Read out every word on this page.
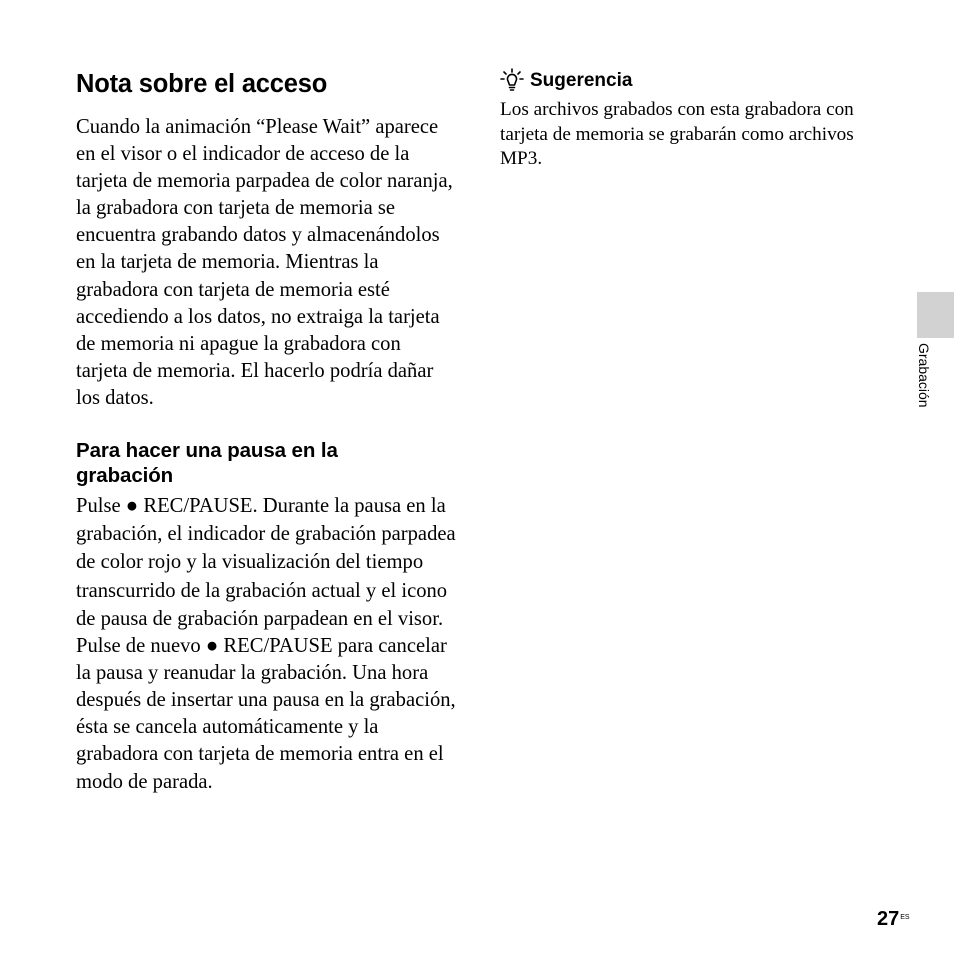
Nota sobre el acceso

Cuando la animación “Please Wait” aparece en el visor o el indicador de acceso de la tarjeta de memoria parpadea de color naranja, la grabadora con tarjeta de memoria se encuentra grabando datos y almacenándolos en la tarjeta de memoria. Mientras la grabadora con tarjeta de memoria esté accediendo a los datos, no extraiga la tarjeta de memoria ni apague la grabadora con tarjeta de memoria. El hacerlo podría dañar los datos.

Para hacer una pausa en la
grabación

Pulse ● REC/PAUSE. Durante la pausa en la grabación, el indicador de grabación parpadea de color rojo y la visualización del tiempo transcurrido de la grabación actual y el icono de pausa de grabación parpadean en el visor.

Pulse de nuevo ● REC/PAUSE para cancelar la pausa y reanudar la grabación. Una hora después de insertar una pausa en la grabación, ésta se cancela automáticamente y la grabadora con tarjeta de memoria entra en el modo de parada.

Sugerencia

Los archivos grabados con esta grabadora con tarjeta de memoria se grabarán como archivos MP3.

Grabación
$27^{ES}$
